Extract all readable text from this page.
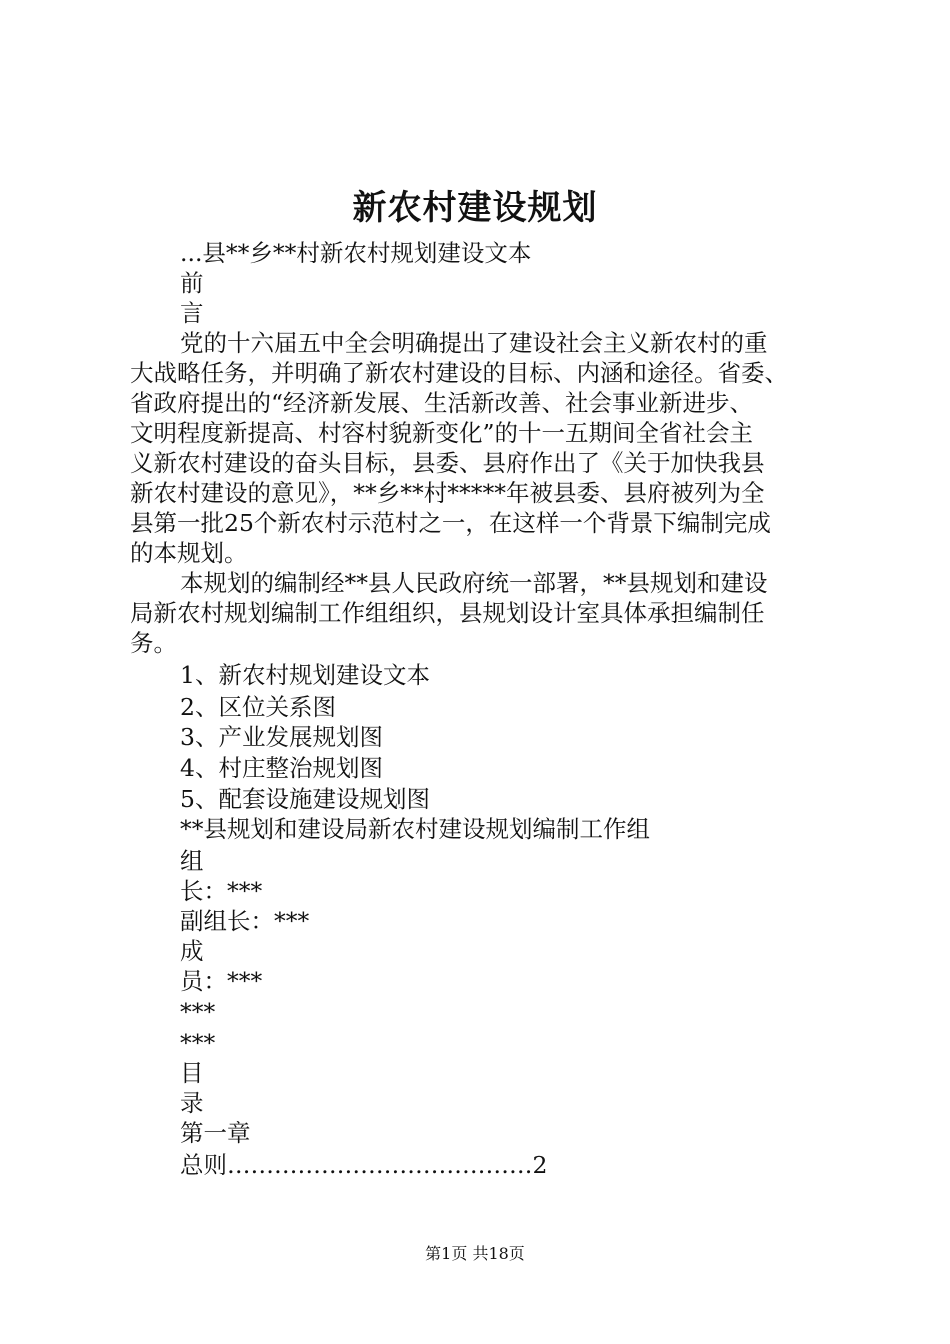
新农村建设规划
...县**乡**村新农村规划建设文本
前
言
党的十六届五中全会明确提出了建设社会主义新农村的重
大战略任务，并明确了新农村建设的目标、内涵和途径。省委、
省政府提出的“经济新发展、生活新改善、社会事业新进步、
文明程度新提高、村容村貌新变化”的十一五期间全省社会主
义新农村建设的奋头目标，县委、县府作出了《关于加快我县
新农村建设的意见》，**乡**村*****年被县委、县府被列为全
县第一批25个新农村示范村之一，在这样一个背景下编制完成
的本规划。
本规划的编制经**县人民政府统一部署，**县规划和建设
局新农村规划编制工作组组织，县规划设计室具体承担编制任
务。
1、新农村规划建设文本
2、区位关系图
3、产业发展规划图
4、村庄整治规划图
5、配套设施建设规划图
**县规划和建设局新农村建设规划编制工作组
组
长：***
副组长：***
成
员：***
***
***
目
录
第一章
总则…………………………………2
第1页 共18页
